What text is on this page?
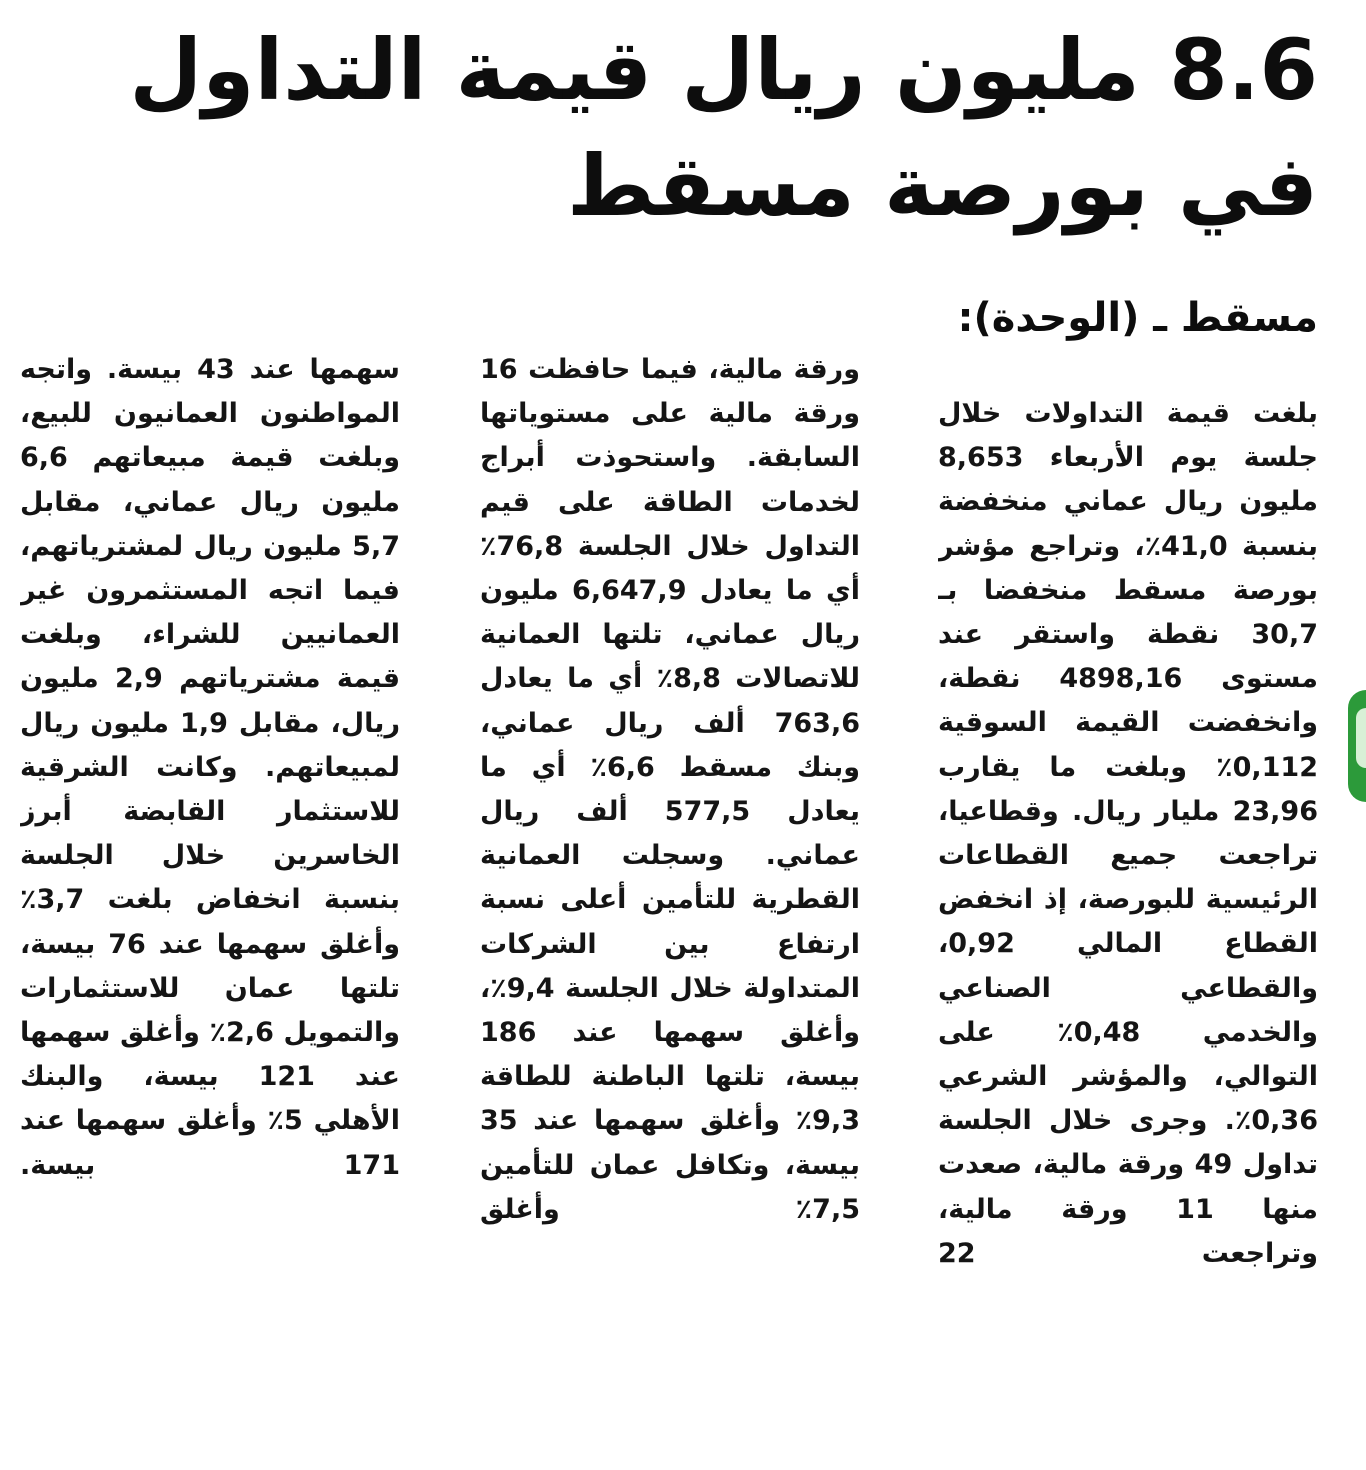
8.6 مليون ريال قيمة التداول في بورصة مسقط
مسقط ـ (الوحدة):

بلغت قيمة التداولات خلال جلسة يوم الأربعاء 8,653 مليون ريال عماني منخفضة بنسبة 41,0٪، وتراجع مؤشر بورصة مسقط منخفضا بـ 30,7 نقطة واستقر عند مستوى 4898,16 نقطة، وانخفضت القيمة السوقية 0,112٪ وبلغت ما يقارب 23,96 مليار ريال. وقطاعيا، تراجعت جميع القطاعات الرئيسية للبورصة، إذ انخفض القطاع المالي 0,92، والقطاعي الصناعي والخدمي 0,48٪ على التوالي، والمؤشر الشرعي 0,36٪. وجرى خلال الجلسة تداول 49 ورقة مالية، صعدت منها 11 ورقة مالية، وتراجعت 22

ورقة مالية، فيما حافظت 16 ورقة مالية على مستوياتها السابقة. واستحوذت أبراج لخدمات الطاقة على قيم التداول خلال الجلسة 76,8٪ أي ما يعادل 6,647,9 مليون ريال عماني، تلتها العمانية للاتصالات 8,8٪ أي ما يعادل 763,6 ألف ريال عماني، وبنك مسقط 6,6٪ أي ما يعادل 577,5 ألف ريال عماني. وسجلت العمانية القطرية للتأمين أعلى نسبة ارتفاع بين الشركات المتداولة خلال الجلسة 9,4٪، وأغلق سهمها عند 186 بيسة، تلتها الباطنة للطاقة 9,3٪ وأغلق سهمها عند 35 بيسة، وتكافل عمان للتأمين 7,5٪ وأغلق

سهمها عند 43 بيسة. واتجه المواطنون العمانيون للبيع، وبلغت قيمة مبيعاتهم 6,6 مليون ريال عماني، مقابل 5,7 مليون ريال لمشترياتهم، فيما اتجه المستثمرون غير العمانيين للشراء، وبلغت قيمة مشترياتهم 2,9 مليون ريال، مقابل 1,9 مليون ريال لمبيعاتهم. وكانت الشرقية للاستثمار القابضة أبرز الخاسرين خلال الجلسة بنسبة انخفاض بلغت 3,7٪ وأغلق سهمها عند 76 بيسة، تلتها عمان للاستثمارات والتمويل 2,6٪ وأغلق سهمها عند 121 بيسة، والبنك الأهلي 5٪ وأغلق سهمها عند 171 بيسة.
